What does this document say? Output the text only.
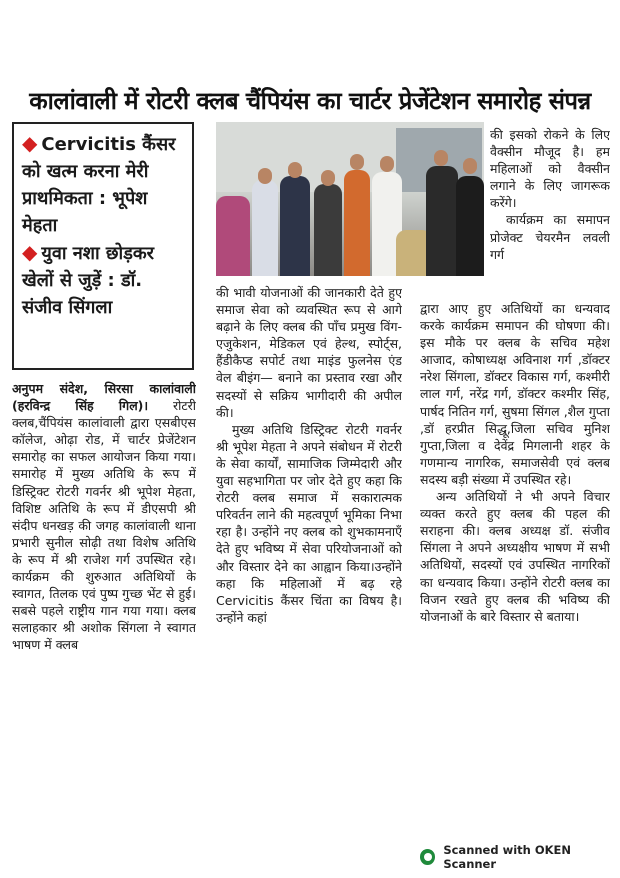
कालांवाली में रोटरी क्लब चैंपियंस का चार्टर प्रेजेंटेशन समारोह संपन्न
◆ Cervicitis कैंसर को खत्म करना मेरी प्राथमिकता : भूपेश मेहता
◆ युवा नशा छोड़कर खेलों से जुड़ें : डॉ. संजीव सिंगला

अनुपम संदेश, सिरसा कालांवाली (हरविन्द्र सिंह गिल)। रोटरी क्लब,चैंपियंस कालांवाली द्वारा एसबीएस कॉलेज, ओढ़ा रोड, में चार्टर प्रेजेंटेशन समारोह का सफल आयोजन किया गया। समारोह में मुख्य अतिथि के रूप में डिस्ट्रिक्ट रोटरी गवर्नर श्री भूपेश मेहता, विशिष्ट अतिथि के रूप में डीएसपी श्री संदीप धनखड़ की जगह कालांवाली थाना प्रभारी सुनील सोढ़ी तथा विशेष अतिथि के रूप में श्री राजेश गर्ग उपस्थित रहे। कार्यक्रम की शुरुआत अतिथियों के स्वागत, तिलक एवं पुष्प गुच्छ भेंट से हुई। सबसे पहले राष्ट्रीय गान गया गया। क्लब सलाहकार श्री अशोक सिंगला ने स्वागत भाषण में क्लब

की भावी योजनाओं की जानकारी देते हुए समाज सेवा को व्यवस्थित रूप से आगे बढ़ाने के लिए क्लब की पाँच प्रमुख विंग- एजुकेशन, मेडिकल एवं हेल्थ, स्पोर्ट्स, हैंडीकैप्ड सपोर्ट तथा माइंड फुलनेस एंड वेल बीइंग— बनाने का प्रस्ताव रखा और सदस्यों से सक्रिय भागीदारी की अपील की।

मुख्य अतिथि डिस्ट्रिक्ट रोटरी गवर्नर श्री भूपेश मेहता ने अपने संबोधन में रोटरी के सेवा कार्यों, सामाजिक जिम्मेदारी और युवा सहभागिता पर जोर देते हुए कहा कि रोटरी क्लब समाज में सकारात्मक परिवर्तन लाने की महत्वपूर्ण भूमिका निभा रहा है। उन्होंने नए क्लब को शुभकामनाएँ देते हुए भविष्य में सेवा परियोजनाओं को और विस्तार देने का आह्वान किया।उन्होंने कहा कि महिलाओं में बढ़ रहे Cervicitis कैंसर चिंता का विषय है। उन्होंने कहां

की इसको रोकने के लिए वैक्सीन मौजूद है। हम महिलाओं को वैक्सीन लगाने के लिए जागरूक करेंगे।

कार्यक्रम का समापन प्रोजेक्ट चेयरमैन लवली गर्ग

द्वारा आए हुए अतिथियों का धन्यवाद करके कार्यक्रम समापन की घोषणा की। इस मौके पर क्लब के सचिव महेश आजाद, कोषाध्यक्ष अविनाश गर्ग ,डॉक्टर नरेश सिंगला, डॉक्टर विकास गर्ग, कश्मीरी लाल गर्ग, नरेंद्र गर्ग, डॉक्टर कश्मीर सिंह, पार्षद नितिन गर्ग, सुषमा सिंगल ,शैल गुप्ता ,डॉ हरप्रीत सिद्धू,जिला सचिव मुनिश गुप्ता,जिला व देवेंद्र मिगलानी शहर के गणमान्य नागरिक, समाजसेवी एवं क्लब सदस्य बड़ी संख्या में उपस्थित रहे।

अन्य अतिथियों ने भी अपने विचार व्यक्त करते हुए क्लब की पहल की सराहना की। क्लब अध्यक्ष डॉ. संजीव सिंगला ने अपने अध्यक्षीय भाषण में सभी अतिथियों, सदस्यों एवं उपस्थित नागरिकों का धन्यवाद किया। उन्होंने रोटरी क्लब का विजन रखते हुए क्लब की भविष्य की योजनाओं के बारे विस्तार से बताया।

Scanned with OKEN Scanner
